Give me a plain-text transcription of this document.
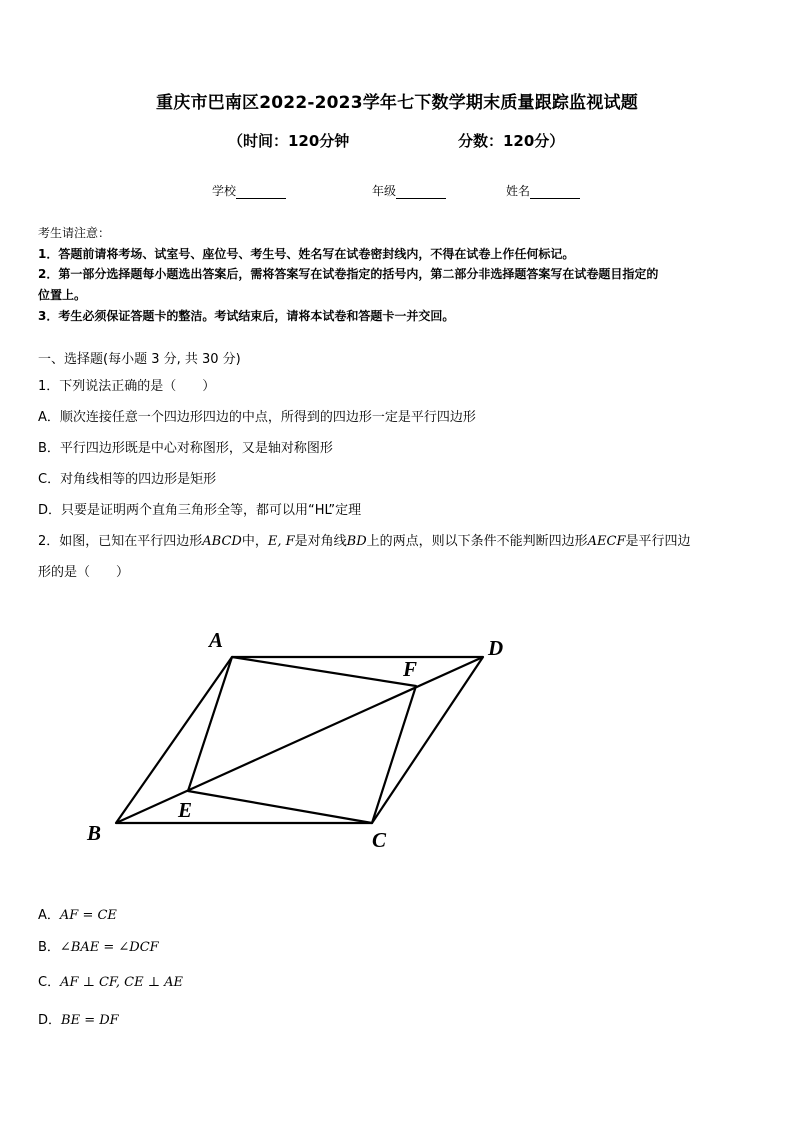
重庆市巴南区2022-2023学年七下数学期末质量跟踪监视试题
（时间：120分钟	分数：120分）
学校	年级	姓名
考生请注意：
1．答题前请将考场、试室号、座位号、考生号、姓名写在试卷密封线内，不得在试卷上作任何标记。
2．第一部分选择题每小题选出答案后，需将答案写在试卷指定的括号内，第二部分非选择题答案写在试卷题目指定的
位置上。
3．考生必须保证答题卡的整洁。考试结束后，请将本试卷和答题卡一并交回。
一、选择题(每小题 3 分, 共 30 分)
1．下列说法正确的是（　　）
A．顺次连接任意一个四边形四边的中点，所得到的四边形一定是平行四边形
B．平行四边形既是中心对称图形，又是轴对称图形
C．对角线相等的四边形是矩形
D．只要是证明两个直角三角形全等，都可以用“HL”定理
2．如图，已知在平行四边形ABCD中，E, F是对角线BD上的两点，则以下条件不能判断四边形AECF是平行四边
形的是（　　）
A	D
F
E
B	C
A．AF = CE
B．∠BAE = ∠DCF
C．AF ⊥ CF, CE ⊥ AE
D．BE = DF
